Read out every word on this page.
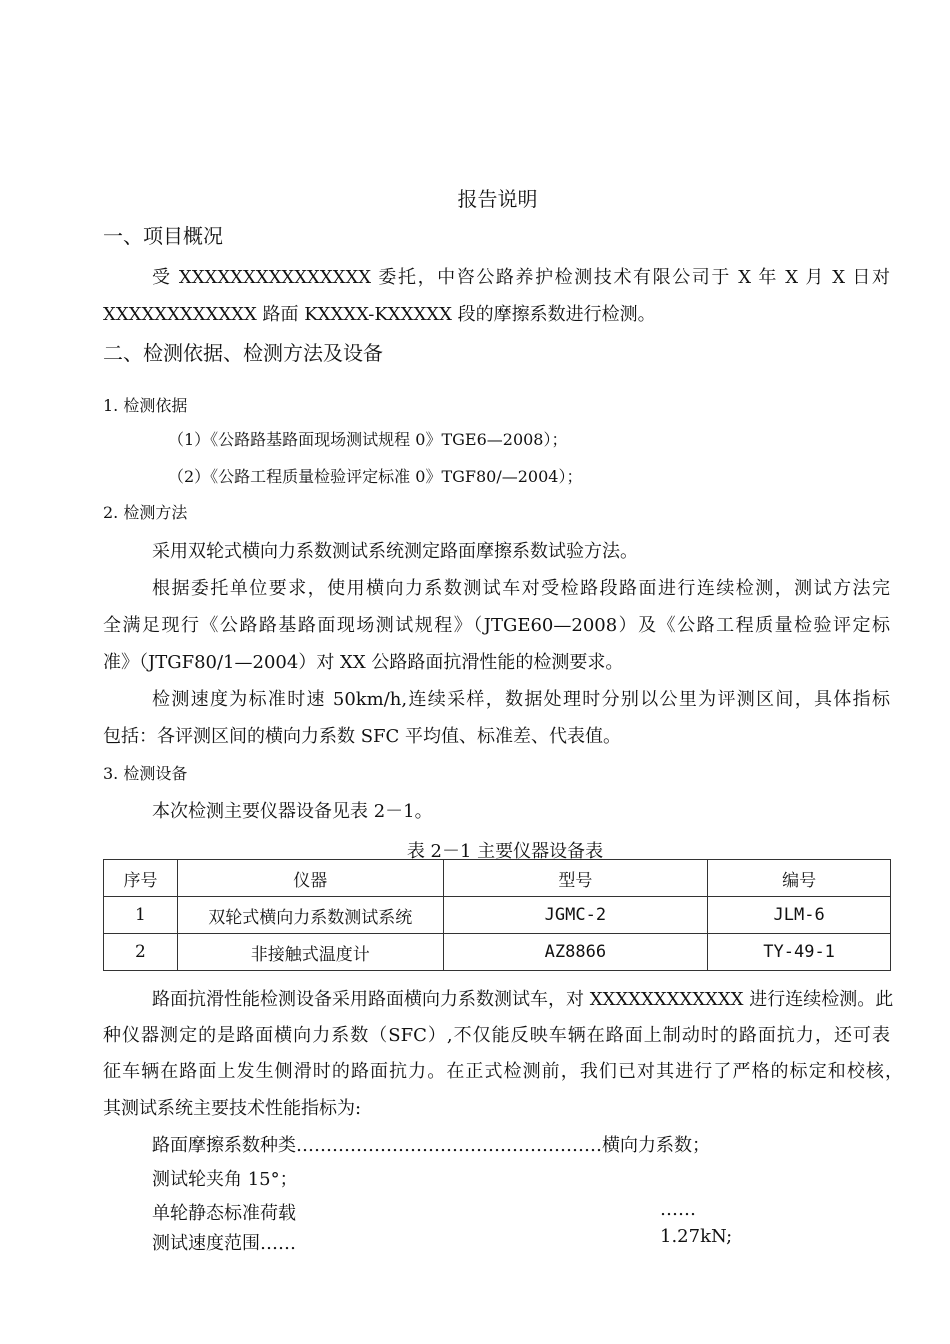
报告说明
一、项目概况
受 XXXXXXXXXXXXXXX 委托，中咨公路养护检测技术有限公司于 X 年 X 月 X 日对
XXXXXXXXXXXX 路面 KXXXX-KXXXXX 段的摩擦系数进行检测。
二、检测依据、检测方法及设备
1. 检测依据
（1）《公路路基路面现场测试规程 0》TGE6—2008）；
（2）《公路工程质量检验评定标准 0》TGF80/—2004）；
2. 检测方法
采用双轮式横向力系数测试系统测定路面摩擦系数试验方法。
根据委托单位要求，使用横向力系数测试车对受检路段路面进行连续检测，测试方法完
全满足现行《公路路基路面现场测试规程》（JTGE60—2008）及《公路工程质量检验评定标
准》（JTGF80/1—2004）对 XX 公路路面抗滑性能的检测要求。
检测速度为标准时速 50km/h,连续采样，数据处理时分别以公里为评测区间，具体指标
包括：各评测区间的横向力系数 SFC 平均值、标准差、代表值。
3. 检测设备
本次检测主要仪器设备见表 2－1。
表 2－1 主要仪器设备表
序号	仪器	型号	编号
1	双轮式横向力系数测试系统	JGMC-2	JLM-6
2	非接触式温度计	AZ8866	TY-49-1
路面抗滑性能检测设备采用路面横向力系数测试车，对 XXXXXXXXXXXX 进行连续检测。此
种仪器测定的是路面横向力系数（SFC）,不仅能反映车辆在路面上制动时的路面抗力，还可表
征车辆在路面上发生侧滑时的路面抗力。在正式检测前，我们已对其进行了严格的标定和校核，
其测试系统主要技术性能指标为:
路面摩擦系数种类……………………………………………横向力系数；
测试轮夹角 15°；
单轮静态标准荷载	……
测试速度范围……	1.27kN;
